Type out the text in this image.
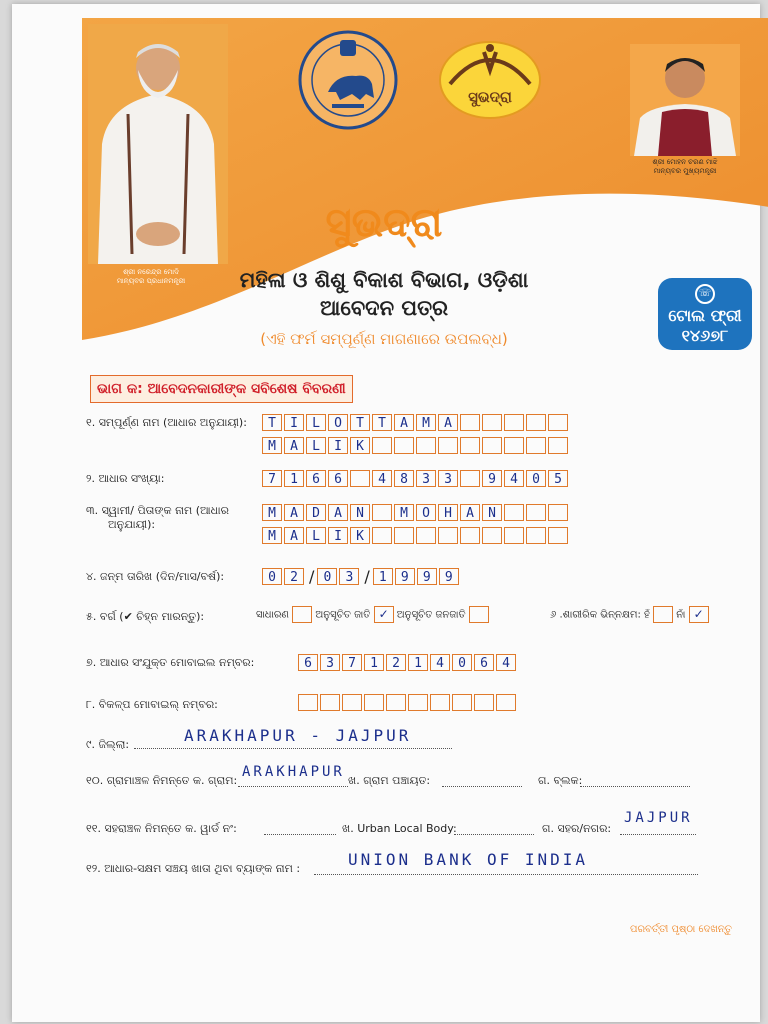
ଶ୍ରୀ ନରେନ୍ଦ୍ର ମୋଦି
ମାନ୍ୟବର ପ୍ରଧାନମନ୍ତ୍ରୀ
ସୁଭଦ୍ରା
ଶ୍ରୀ ମୋହନ ଚରଣ ମାଝି
ମାନ୍ୟବର ମୁଖ୍ୟମନ୍ତ୍ରୀ
ସୁଭଦ୍ରା
ମହିଳା ଓ ଶିଶୁ ବିକାଶ ବିଭାଗ, ଓଡ଼ିଶା
ଆବେଦନ ପତ୍ର
(ଏହି ଫର୍ମ ସମ୍ପୂର୍ଣ୍ଣ ମାଗଣାରେ ଉପଲବ୍ଧ)
☏
ଟୋଲ ଫ୍ରୀ
୧୪୬୭୮
ଭାଗ କ: ଆବେଦନକାରୀଙ୍କ ସବିଶେଷ ବିବରଣୀ
୧. ସମ୍ପୂର୍ଣ୍ଣ ନାମ (ଆଧାର ଅନୁଯାୟୀ):	T	I	L	O	T	T	A	M	A
M	A	L	I	K
୨. ଆଧାର ସଂଖ୍ୟା:	7	1	6	6	4	8	3	3	9	4	0	5
୩. ସ୍ୱାମୀ/ ପିତାଙ୍କ ନାମ (ଆଧାର
ଅନୁଯାୟୀ):
M	A	D	A	N	M	O	H	A	N
M	A	L	I	K
୪. ଜନ୍ମ ତାରିଖ (ଦିନ/ମାସ/ବର୍ଷ):	0	2 / 0	3 / 1	9	9	9
୫. ବର୍ଗ (✔ ଚିହ୍ନ ମାରନ୍ତୁ):	ସାଧାରଣ	ଅନୁସୂଚିତ ଜାତି ✓ ଅନୁସୂଚିତ ଜନଜାତି	୬ .ଶାରୀରିକ ଭିନ୍ନକ୍ଷମ: ହଁ	ନାଁ ✓
୭. ଆଧାର ସଂଯୁକ୍ତ ମୋବାଇଲ ନମ୍ବର:	6	3	7	1	2	1	4	0	6	4
୮. ବିକଳ୍ପ ମୋବାଇଲ୍ ନମ୍ବର:
୯. ଜିଲ୍ଲା:	ARAKHAPUR - JAJPUR
୧୦. ଗ୍ରାମାଞ୍ଚଳ ନିମନ୍ତେ କ. ଗ୍ରାମ:
ARAKHAPUR
ଖ. ଗ୍ରାମ ପଞ୍ଚାୟତ:	ଗ. ବ୍ଲକ:
୧୧. ସହରାଞ୍ଚଳ ନିମନ୍ତେ କ. ୱାର୍ଡ ନଂ:	ଖ. Urban Local Body:	ଗ. ସହର/ନଗର:
JAJPUR
୧୨. ଆଧାର-ସକ୍ଷମ ସଞ୍ଚୟ ଖାତା ଥିବା ବ୍ୟାଙ୍କ ନାମ :	UNION BANK OF INDIA
ପରବର୍ତ୍ତୀ ପୃଷ୍ଠା ଦେଖନ୍ତୁ
